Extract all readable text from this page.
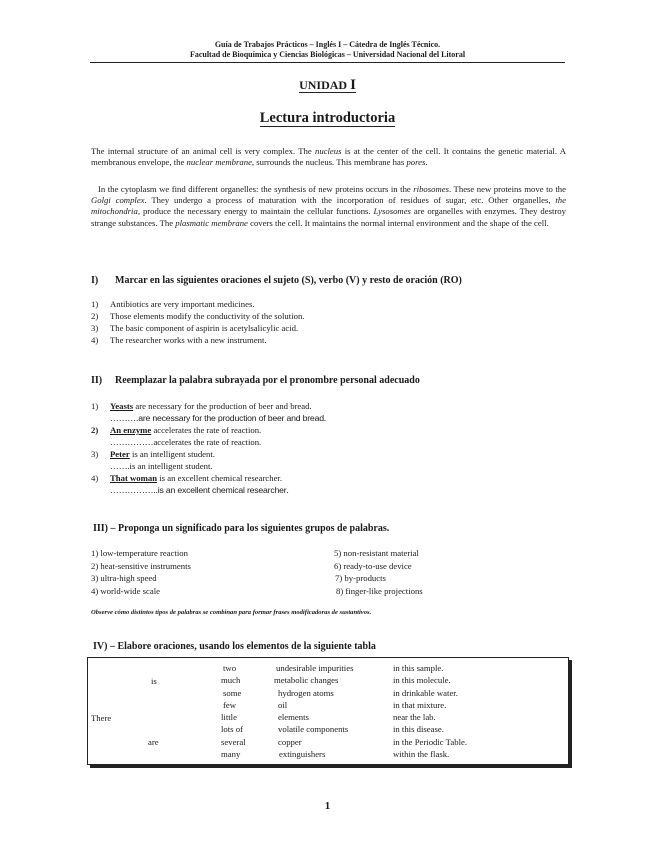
Guía de Trabajos Prácticos – Inglés I – Cátedra de Inglés Técnico.
Facultad de Bioquímica y Ciencias Biológicas – Universidad Nacional del Litoral
UNIDAD I
Lectura introductoria
The internal structure of an animal cell is very complex. The nucleus is at the center of the cell. It contains the genetic material. A membranous envelope, the nuclear membrane, surrounds the nucleus. This membrane has pores.
In the cytoplasm we find different organelles: the synthesis of new proteins occurs in the ribosomes. These new proteins move to the Golgi complex. They undergo a process of maturation with the incorporation of residues of sugar, etc. Other organelles, the mitochondria, produce the necessary energy to maintain the cellular functions. Lysosomes are organelles with enzymes. They destroy strange substances. The plasmatic membrane covers the cell. It maintains the normal internal environment and the shape of the cell.
I) Marcar en las siguientes oraciones el sujeto (S), verbo (V) y resto de oración (RO)
1) Antibiotics are very important medicines.
2) Those elements modify the conductivity of the solution.
3) The basic component of aspirin is acetylsalicylic acid.
4) The researcher works with a new instrument.
II) Reemplazar la palabra subrayada por el pronombre personal adecuado
1) Yeasts are necessary for the production of beer and bread.
……….are necessary for the production of beer and bread.
2) An enzyme accelerates the rate of reaction.
……………accelerates the rate of reaction.
3) Peter is an intelligent student.
…….is an intelligent student.
4) That woman is an excellent chemical researcher.
……………..is an excellent chemical researcher.
III) – Proponga un significado para los siguientes grupos de palabras.
1) low-temperature reaction
2) heat-sensitive instruments
3) ultra-high speed
4) world-wide scale
5) non-resistant material
6) ready-to-use device
7) by-products
8) finger-like projections
Observe cómo distintos tipos de palabras se combinan para formar frases modificadoras de sustantivos.
IV) – Elabore oraciones, usando los elementos de la siguiente tabla
There
is
are
two
much
some
few
little
lots of
several
many
undesirable impurities
metabolic changes
hydrogen atoms
oil
elements
volatile components
copper
extinguishers
in this sample.
in this molecule.
in drinkable water.
in that mixture.
near the lab.
in this disease.
in the Periodic Table.
within the flask.
1
